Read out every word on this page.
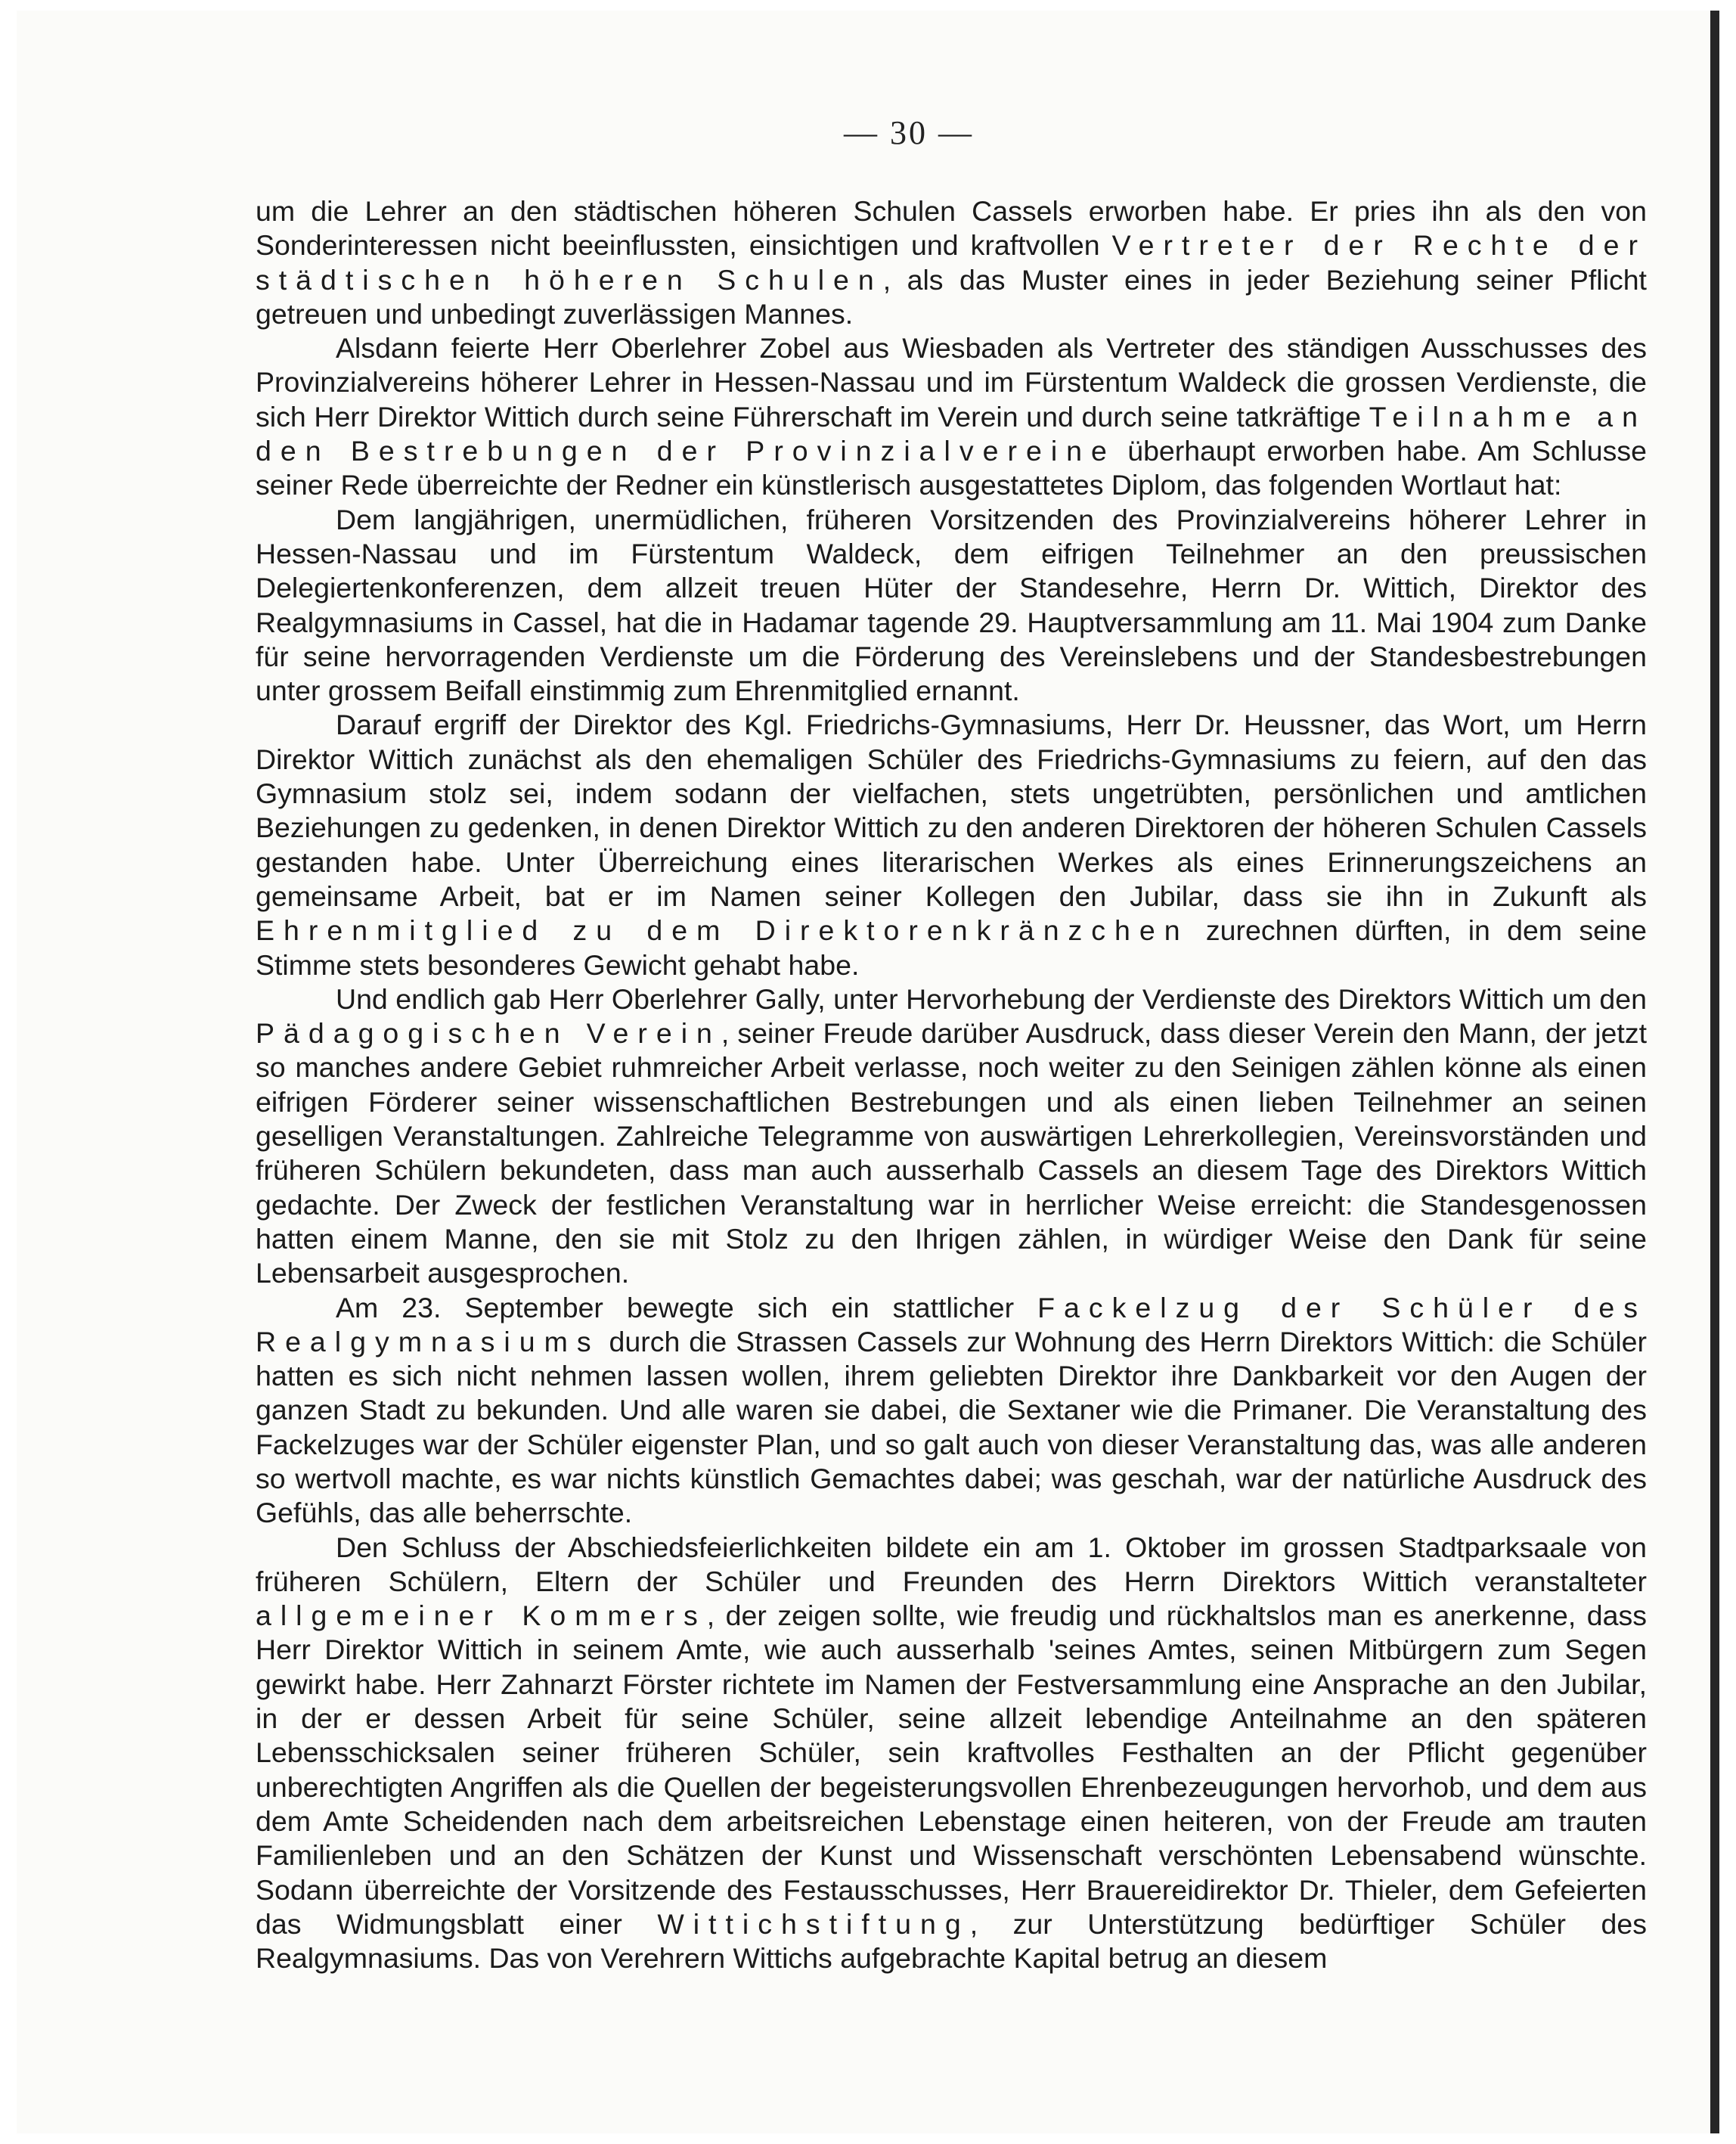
— 30 —

um die Lehrer an den städtischen höheren Schulen Cassels erworben habe. Er pries ihn als den von Sonderinteressen nicht beeinflussten, einsichtigen und kraftvollen Vertreter der Rechte der städtischen höheren Schulen, als das Muster eines in jeder Beziehung seiner Pflicht getreuen und unbedingt zuverlässigen Mannes.

Alsdann feierte Herr Oberlehrer Zobel aus Wiesbaden als Vertreter des ständigen Ausschusses des Provinzialvereins höherer Lehrer in Hessen-Nassau und im Fürstentum Waldeck die grossen Verdienste, die sich Herr Direktor Wittich durch seine Führerschaft im Verein und durch seine tatkräftige Teilnahme an den Bestrebungen der Provinzialvereine überhaupt erworben habe. Am Schlusse seiner Rede überreichte der Redner ein künstlerisch ausgestattetes Diplom, das folgenden Wortlaut hat:

Dem langjährigen, unermüdlichen, früheren Vorsitzenden des Provinzialvereins höherer Lehrer in Hessen-Nassau und im Fürstentum Waldeck, dem eifrigen Teilnehmer an den preussischen Delegiertenkonferenzen, dem allzeit treuen Hüter der Standesehre, Herrn Dr. Wittich, Direktor des Realgymnasiums in Cassel, hat die in Hadamar tagende 29. Hauptversammlung am 11. Mai 1904 zum Danke für seine hervorragenden Verdienste um die Förderung des Vereinslebens und der Standesbestrebungen unter grossem Beifall einstimmig zum Ehrenmitglied ernannt.

Darauf ergriff der Direktor des Kgl. Friedrichs-Gymnasiums, Herr Dr. Heussner, das Wort, um Herrn Direktor Wittich zunächst als den ehemaligen Schüler des Friedrichs-Gymnasiums zu feiern, auf den das Gymnasium stolz sei, indem sodann der vielfachen, stets ungetrübten, persönlichen und amtlichen Beziehungen zu gedenken, in denen Direktor Wittich zu den anderen Direktoren der höheren Schulen Cassels gestanden habe. Unter Überreichung eines literarischen Werkes als eines Erinnerungszeichens an gemeinsame Arbeit, bat er im Namen seiner Kollegen den Jubilar, dass sie ihn in Zukunft als Ehrenmitglied zu dem Direktorenkränzchen zurechnen dürften, in dem seine Stimme stets besonderes Gewicht gehabt habe.

Und endlich gab Herr Oberlehrer Gally, unter Hervorhebung der Verdienste des Direktors Wittich um den Pädagogischen Verein, seiner Freude darüber Ausdruck, dass dieser Verein den Mann, der jetzt so manches andere Gebiet ruhmreicher Arbeit verlasse, noch weiter zu den Seinigen zählen könne als einen eifrigen Förderer seiner wissenschaftlichen Bestrebungen und als einen lieben Teilnehmer an seinen geselligen Veranstaltungen. Zahlreiche Telegramme von auswärtigen Lehrerkollegien, Vereinsvorständen und früheren Schülern bekundeten, dass man auch ausserhalb Cassels an diesem Tage des Direktors Wittich gedachte. Der Zweck der festlichen Veranstaltung war in herrlicher Weise erreicht: die Standesgenossen hatten einem Manne, den sie mit Stolz zu den Ihrigen zählen, in würdiger Weise den Dank für seine Lebensarbeit ausgesprochen.

Am 23. September bewegte sich ein stattlicher Fackelzug der Schüler des Realgymnasiums durch die Strassen Cassels zur Wohnung des Herrn Direktors Wittich: die Schüler hatten es sich nicht nehmen lassen wollen, ihrem geliebten Direktor ihre Dankbarkeit vor den Augen der ganzen Stadt zu bekunden. Und alle waren sie dabei, die Sextaner wie die Primaner. Die Veranstaltung des Fackelzuges war der Schüler eigenster Plan, und so galt auch von dieser Veranstaltung das, was alle anderen so wertvoll machte, es war nichts künstlich Gemachtes dabei; was geschah, war der natürliche Ausdruck des Gefühls, das alle beherrschte.

Den Schluss der Abschiedsfeierlichkeiten bildete ein am 1. Oktober im grossen Stadtparksaale von früheren Schülern, Eltern der Schüler und Freunden des Herrn Direktors Wittich veranstalteter allgemeiner Kommers, der zeigen sollte, wie freudig und rückhaltslos man es anerkenne, dass Herr Direktor Wittich in seinem Amte, wie auch ausserhalb 'seines Amtes, seinen Mitbürgern zum Segen gewirkt habe. Herr Zahnarzt Förster richtete im Namen der Festversammlung eine Ansprache an den Jubilar, in der er dessen Arbeit für seine Schüler, seine allzeit lebendige Anteilnahme an den späteren Lebensschicksalen seiner früheren Schüler, sein kraftvolles Festhalten an der Pflicht gegenüber unberechtigten Angriffen als die Quellen der begeisterungsvollen Ehrenbezeugungen hervorhob, und dem aus dem Amte Scheidenden nach dem arbeitsreichen Lebenstage einen heiteren, von der Freude am trauten Familienleben und an den Schätzen der Kunst und Wissenschaft verschönten Lebensabend wünschte. Sodann überreichte der Vorsitzende des Festausschusses, Herr Brauereidirektor Dr. Thieler, dem Gefeierten das Widmungsblatt einer Wittichstiftung, zur Unterstützung bedürftiger Schüler des Realgymnasiums. Das von Verehrern Wittichs aufgebrachte Kapital betrug an diesem
